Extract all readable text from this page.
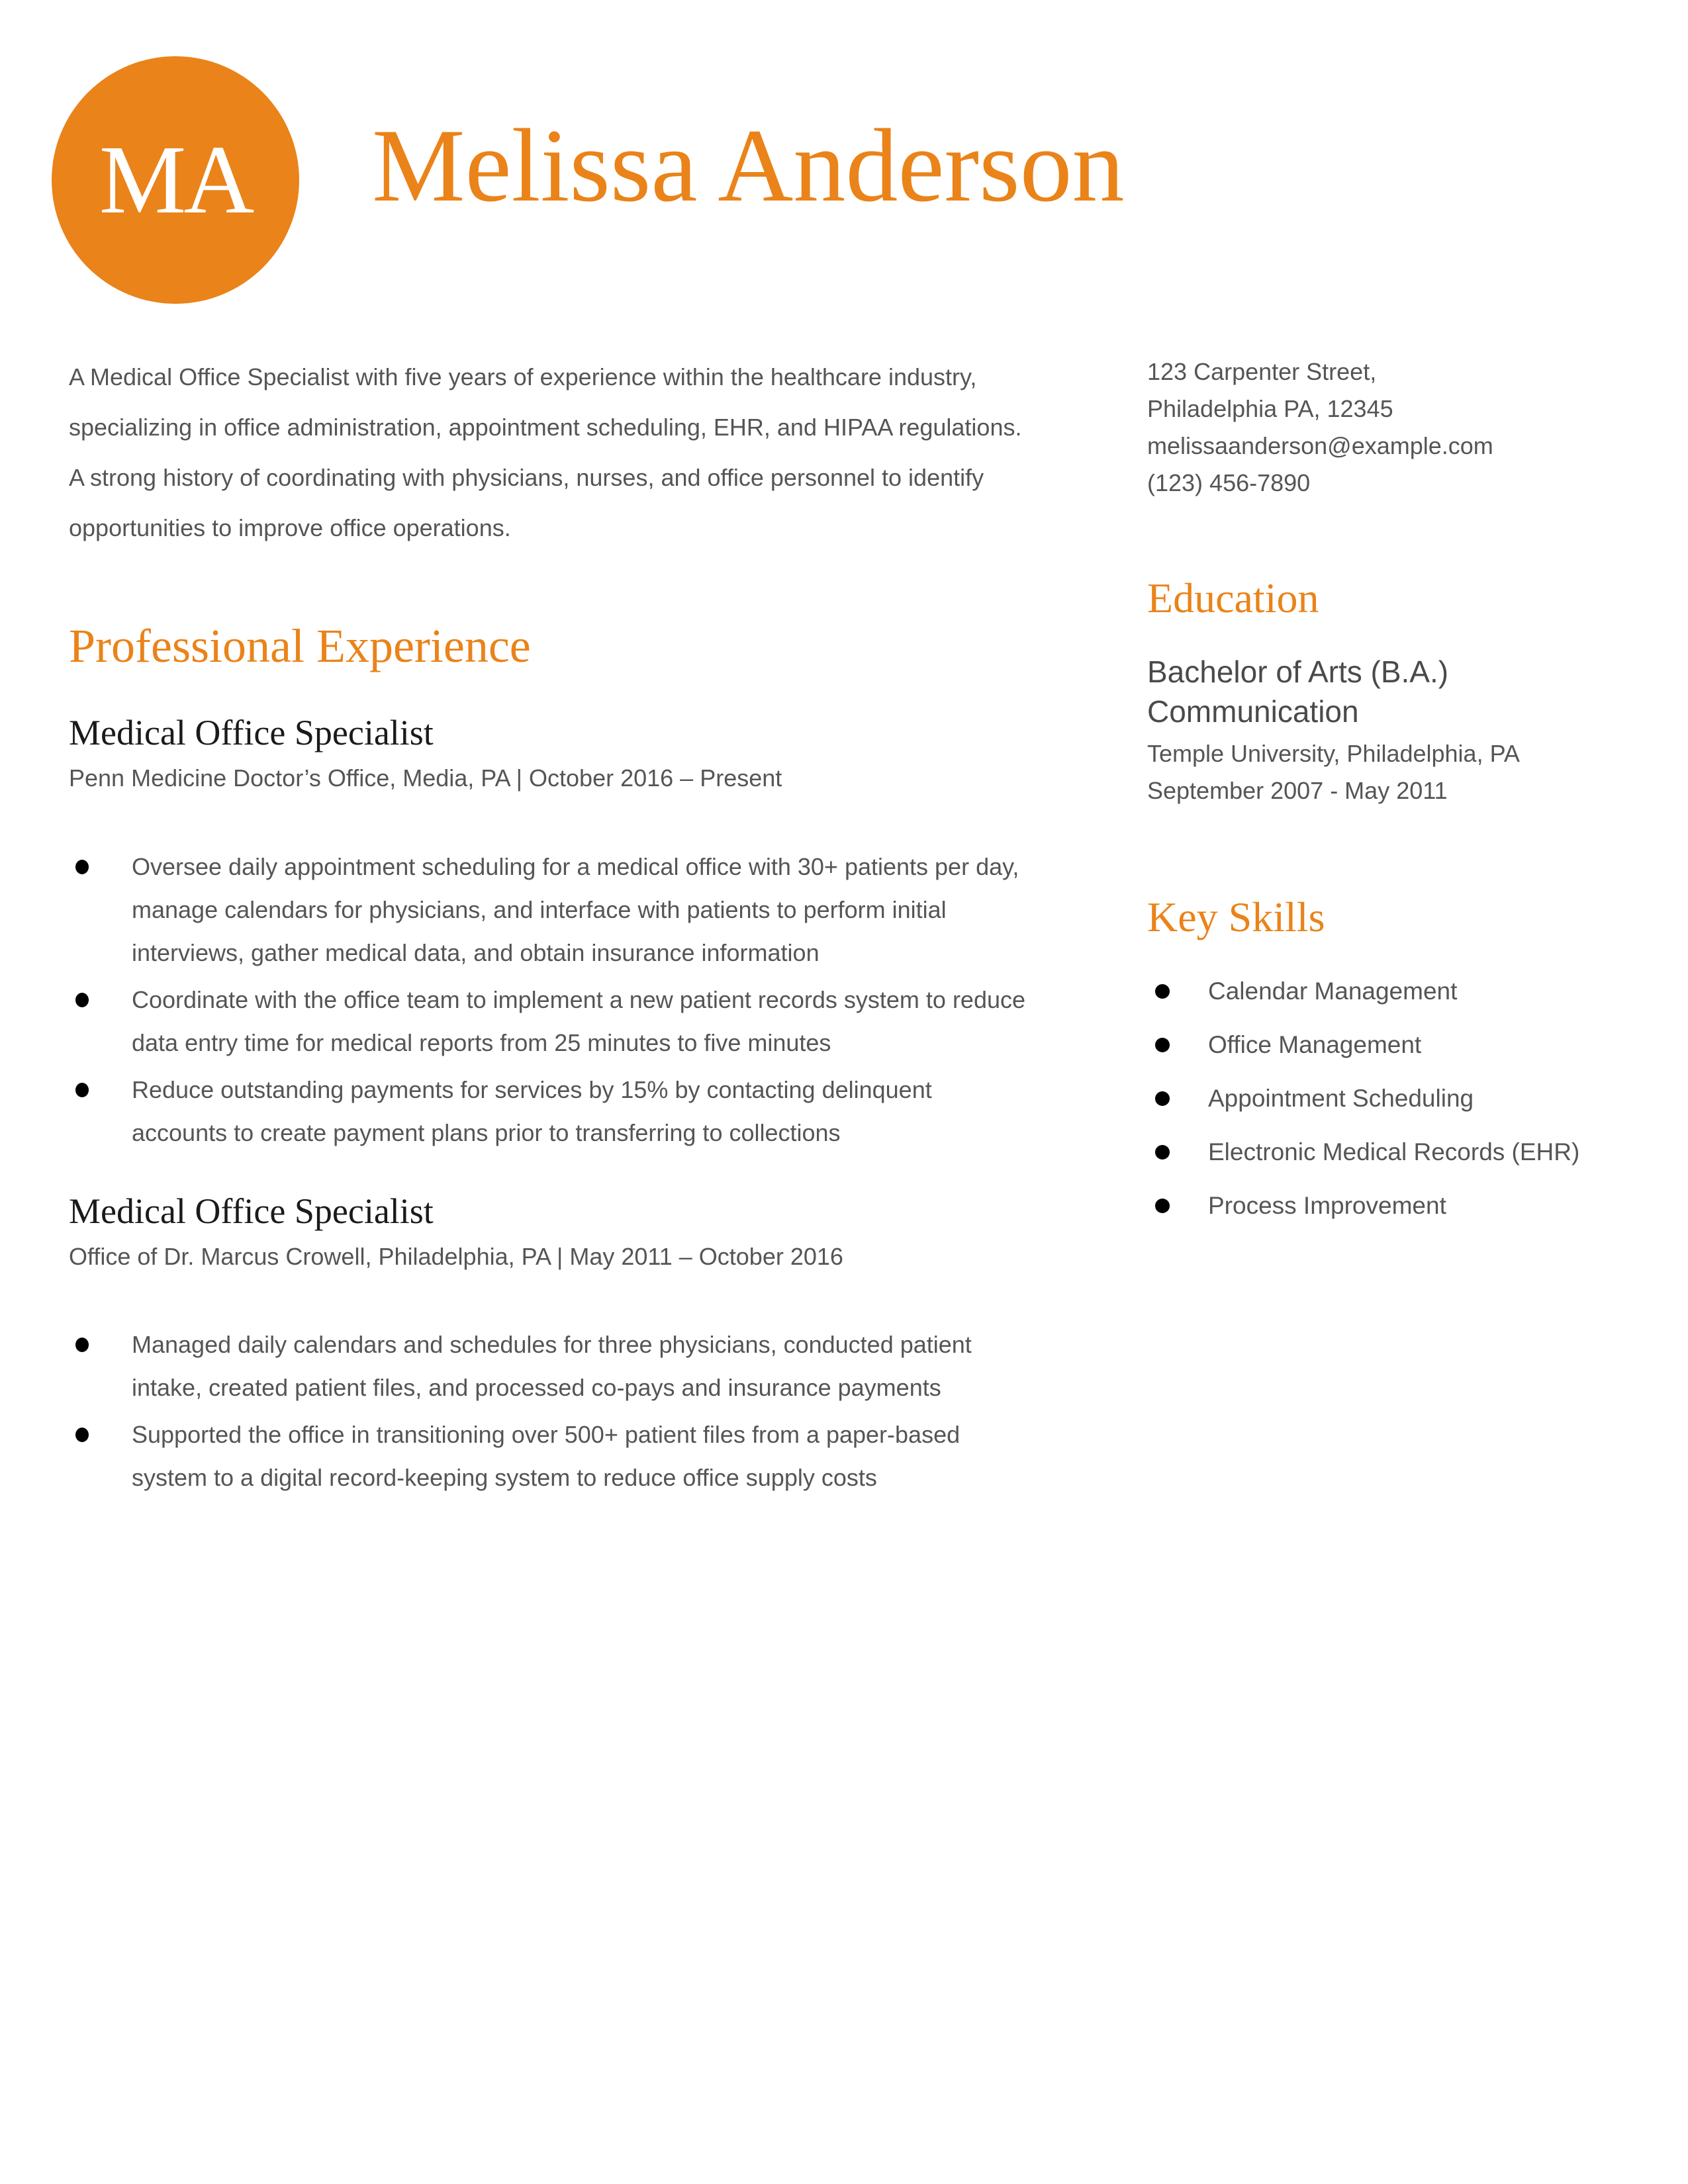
MA Melissa Anderson
A Medical Office Specialist with five years of experience within the healthcare industry, specializing in office administration, appointment scheduling, EHR, and HIPAA regulations. A strong history of coordinating with physicians, nurses, and office personnel to identify opportunities to improve office operations.
123 Carpenter Street,
Philadelphia PA, 12345
melissaanderson@example.com
(123) 456-7890
Professional Experience
Medical Office Specialist
Penn Medicine Doctor’s Office, Media, PA | October 2016 – Present
Oversee daily appointment scheduling for a medical office with 30+ patients per day, manage calendars for physicians, and interface with patients to perform initial interviews, gather medical data, and obtain insurance information
Coordinate with the office team to implement a new patient records system to reduce data entry time for medical reports from 25 minutes to five minutes
Reduce outstanding payments for services by 15% by contacting delinquent accounts to create payment plans prior to transferring to collections
Medical Office Specialist
Office of Dr. Marcus Crowell, Philadelphia, PA | May 2011 – October 2016
Managed daily calendars and schedules for three physicians, conducted patient intake, created patient files, and processed co-pays and insurance payments
Supported the office in transitioning over 500+ patient files from a paper-based system to a digital record-keeping system to reduce office supply costs
Education
Bachelor of Arts (B.A.)
Communication
Temple University, Philadelphia, PA
September 2007 - May 2011
Key Skills
Calendar Management
Office Management
Appointment Scheduling
Electronic Medical Records (EHR)
Process Improvement
